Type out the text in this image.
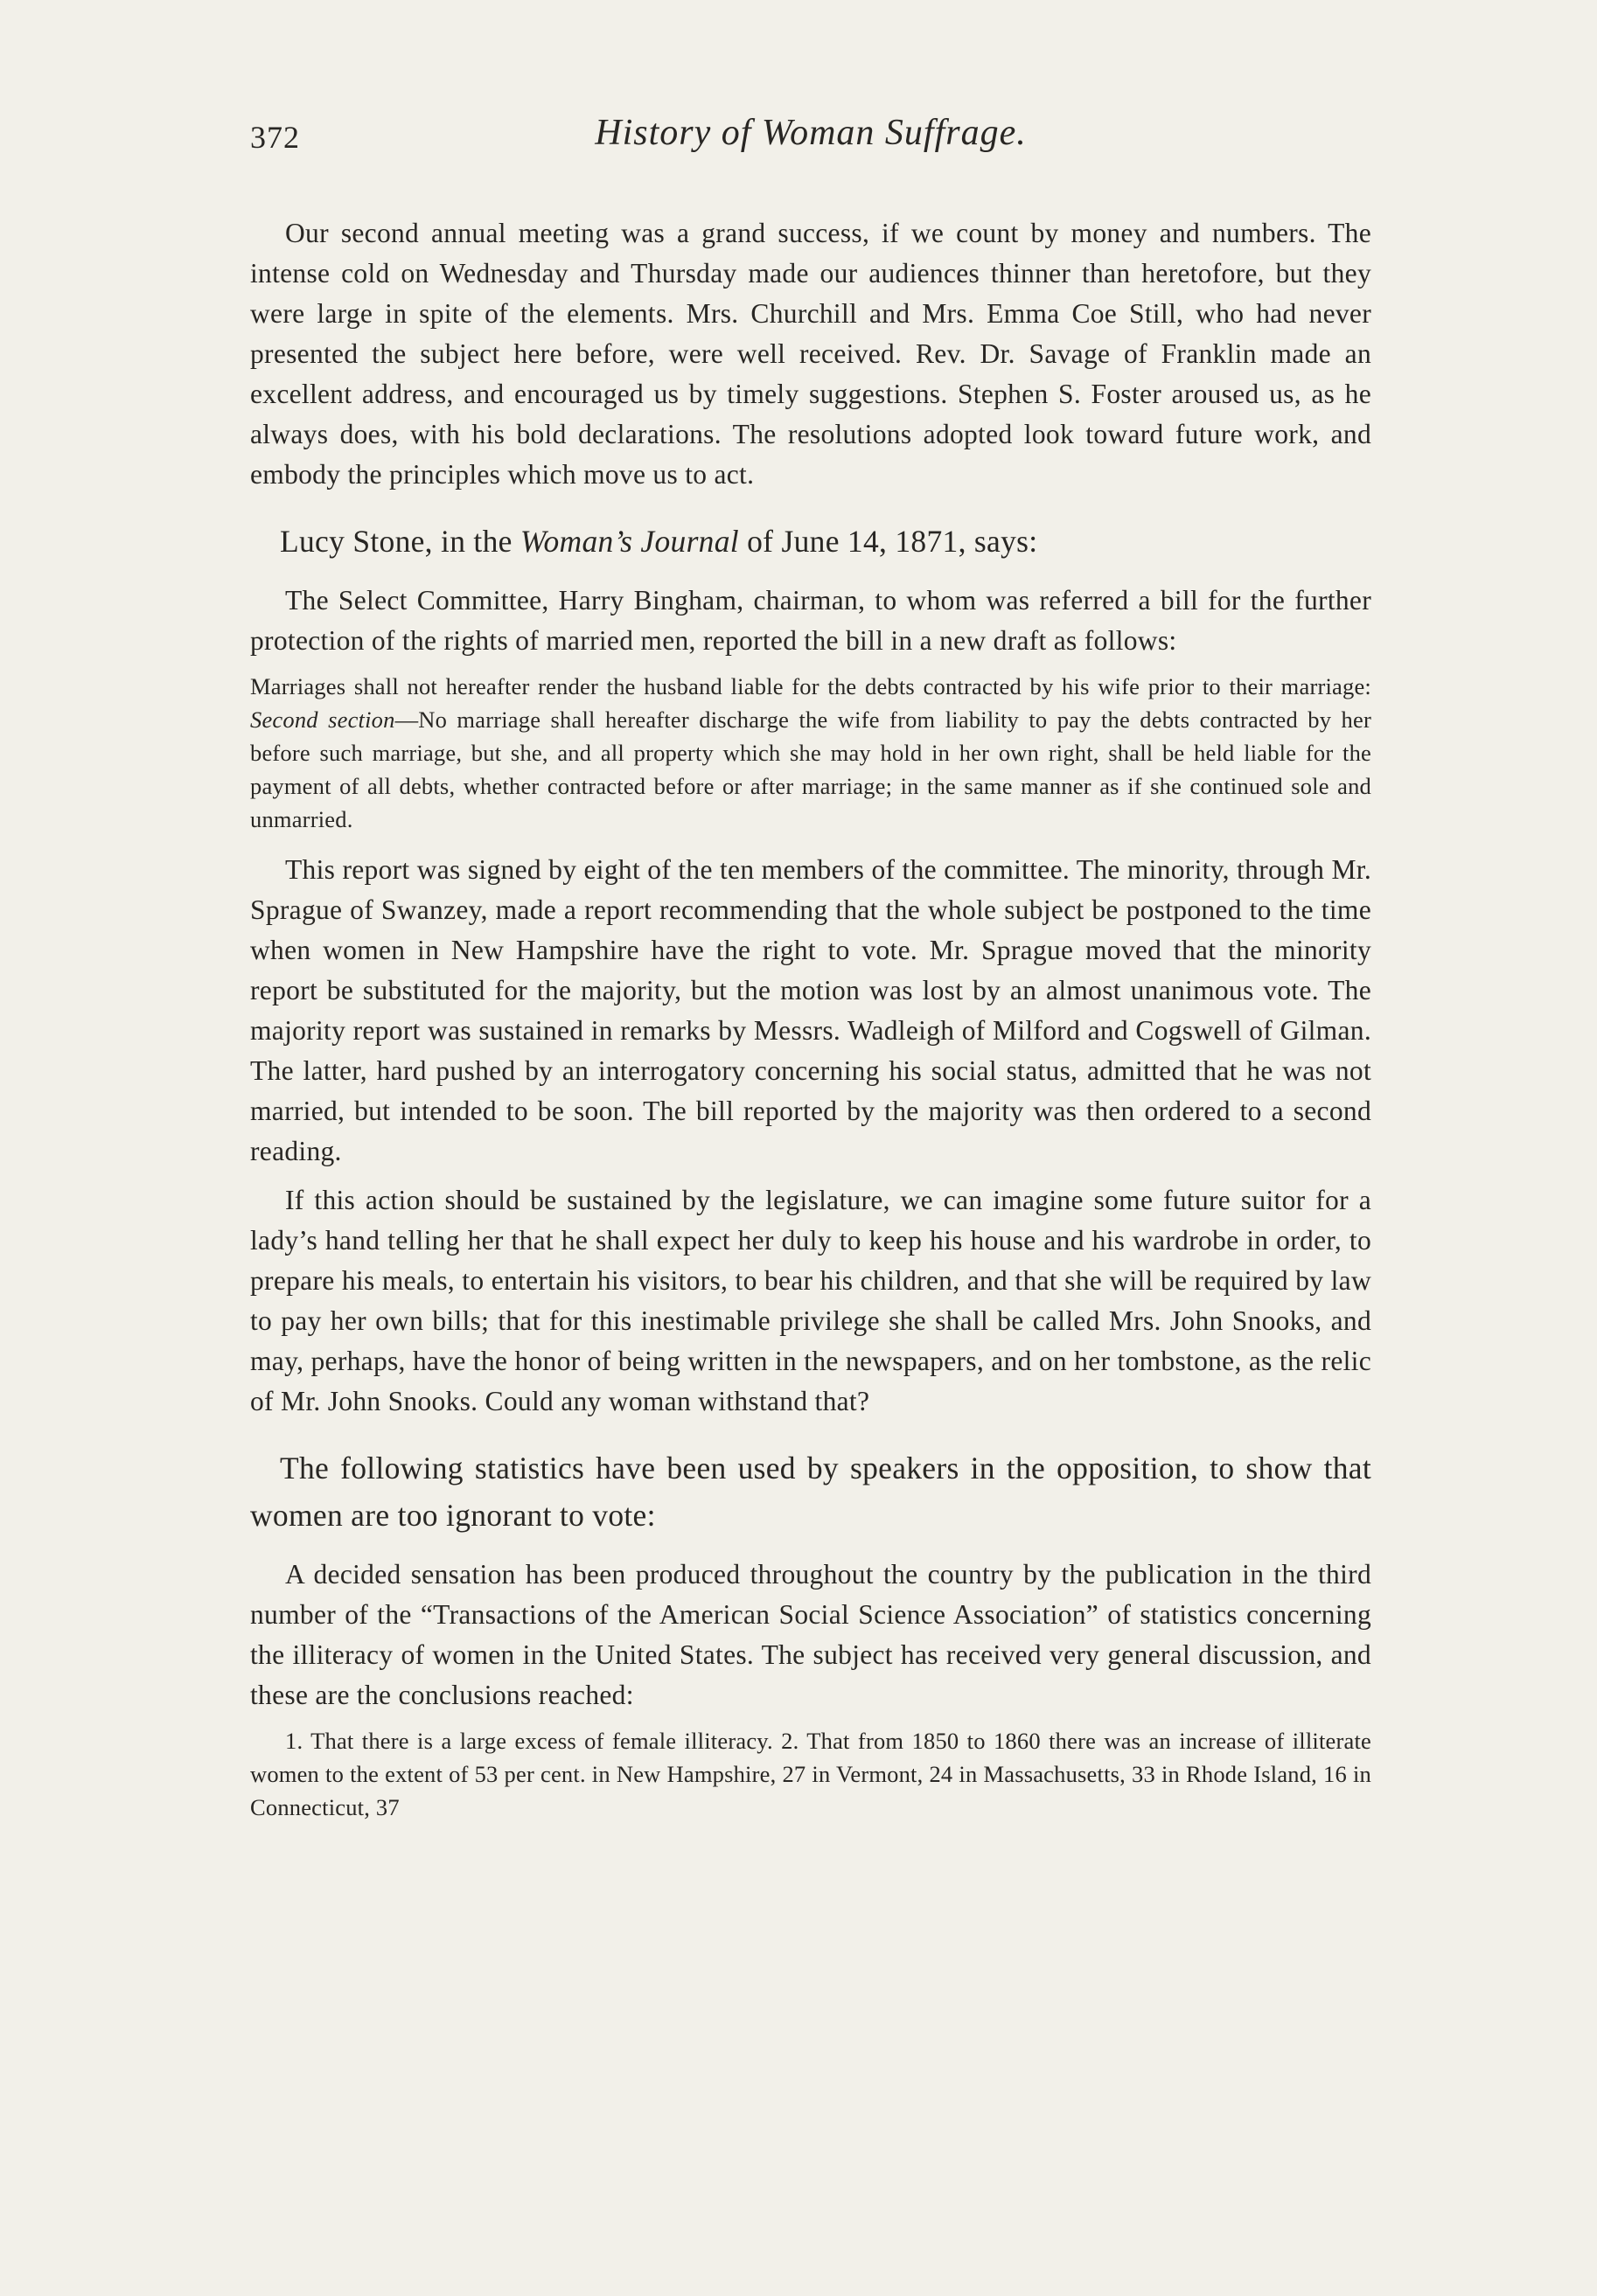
372	History of Woman Suffrage.

Our second annual meeting was a grand success, if we count by money and numbers. The intense cold on Wednesday and Thursday made our audiences thinner than heretofore, but they were large in spite of the elements. Mrs. Churchill and Mrs. Emma Coe Still, who had never presented the subject here before, were well received. Rev. Dr. Savage of Franklin made an excellent address, and encouraged us by timely suggestions. Stephen S. Foster aroused us, as he always does, with his bold declarations. The resolutions adopted look toward future work, and embody the principles which move us to act.

Lucy Stone, in the Woman’s Journal of June 14, 1871, says:

The Select Committee, Harry Bingham, chairman, to whom was referred a bill for the further protection of the rights of married men, reported the bill in a new draft as follows:

Marriages shall not hereafter render the husband liable for the debts contracted by his wife prior to their marriage: Second section—No marriage shall hereafter discharge the wife from liability to pay the debts contracted by her before such marriage, but she, and all property which she may hold in her own right, shall be held liable for the payment of all debts, whether contracted before or after marriage; in the same manner as if she continued sole and unmarried.

This report was signed by eight of the ten members of the committee. The minority, through Mr. Sprague of Swanzey, made a report recommending that the whole subject be postponed to the time when women in New Hampshire have the right to vote. Mr. Sprague moved that the minority report be substituted for the majority, but the motion was lost by an almost unanimous vote. The majority report was sustained in remarks by Messrs. Wadleigh of Milford and Cogswell of Gilman. The latter, hard pushed by an interrogatory concerning his social status, admitted that he was not married, but intended to be soon. The bill reported by the majority was then ordered to a second reading.

If this action should be sustained by the legislature, we can imagine some future suitor for a lady’s hand telling her that he shall expect her duly to keep his house and his wardrobe in order, to prepare his meals, to entertain his visitors, to bear his children, and that she will be required by law to pay her own bills; that for this inestimable privilege she shall be called Mrs. John Snooks, and may, perhaps, have the honor of being written in the newspapers, and on her tombstone, as the relic of Mr. John Snooks. Could any woman withstand that?

The following statistics have been used by speakers in the opposition, to show that women are too ignorant to vote:

A decided sensation has been produced throughout the country by the publication in the third number of the “Transactions of the American Social Science Association” of statistics concerning the illiteracy of women in the United States. The subject has received very general discussion, and these are the conclusions reached:

1. That there is a large excess of female illiteracy. 2. That from 1850 to 1860 there was an increase of illiterate women to the extent of 53 per cent. in New Hampshire, 27 in Vermont, 24 in Massachusetts, 33 in Rhode Island, 16 in Connecticut, 37
